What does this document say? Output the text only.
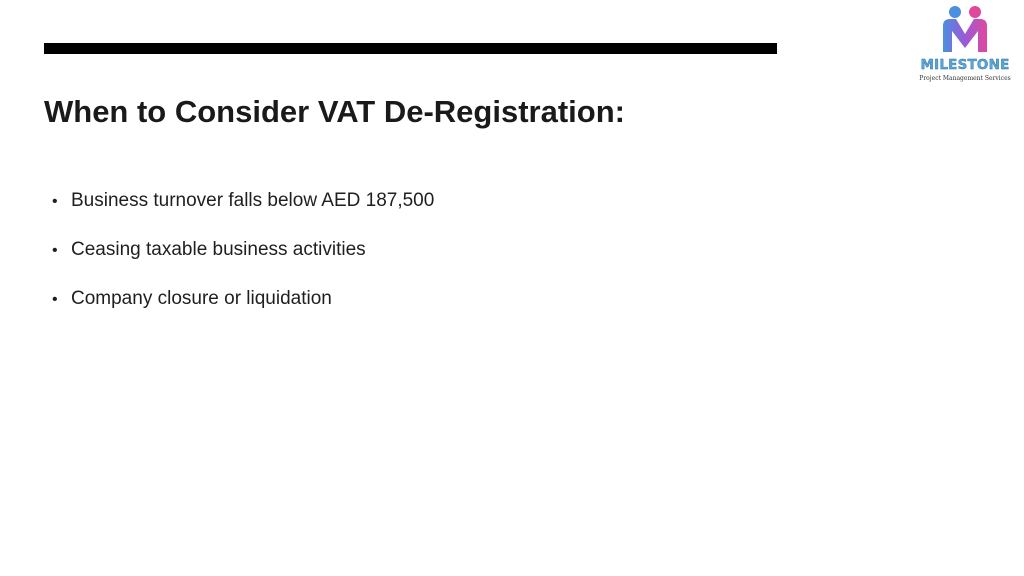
MILESTONE
Project Management Services
When to Consider VAT De-Registration:
• Business turnover falls below AED 187,500
• Ceasing taxable business activities
• Company closure or liquidation
